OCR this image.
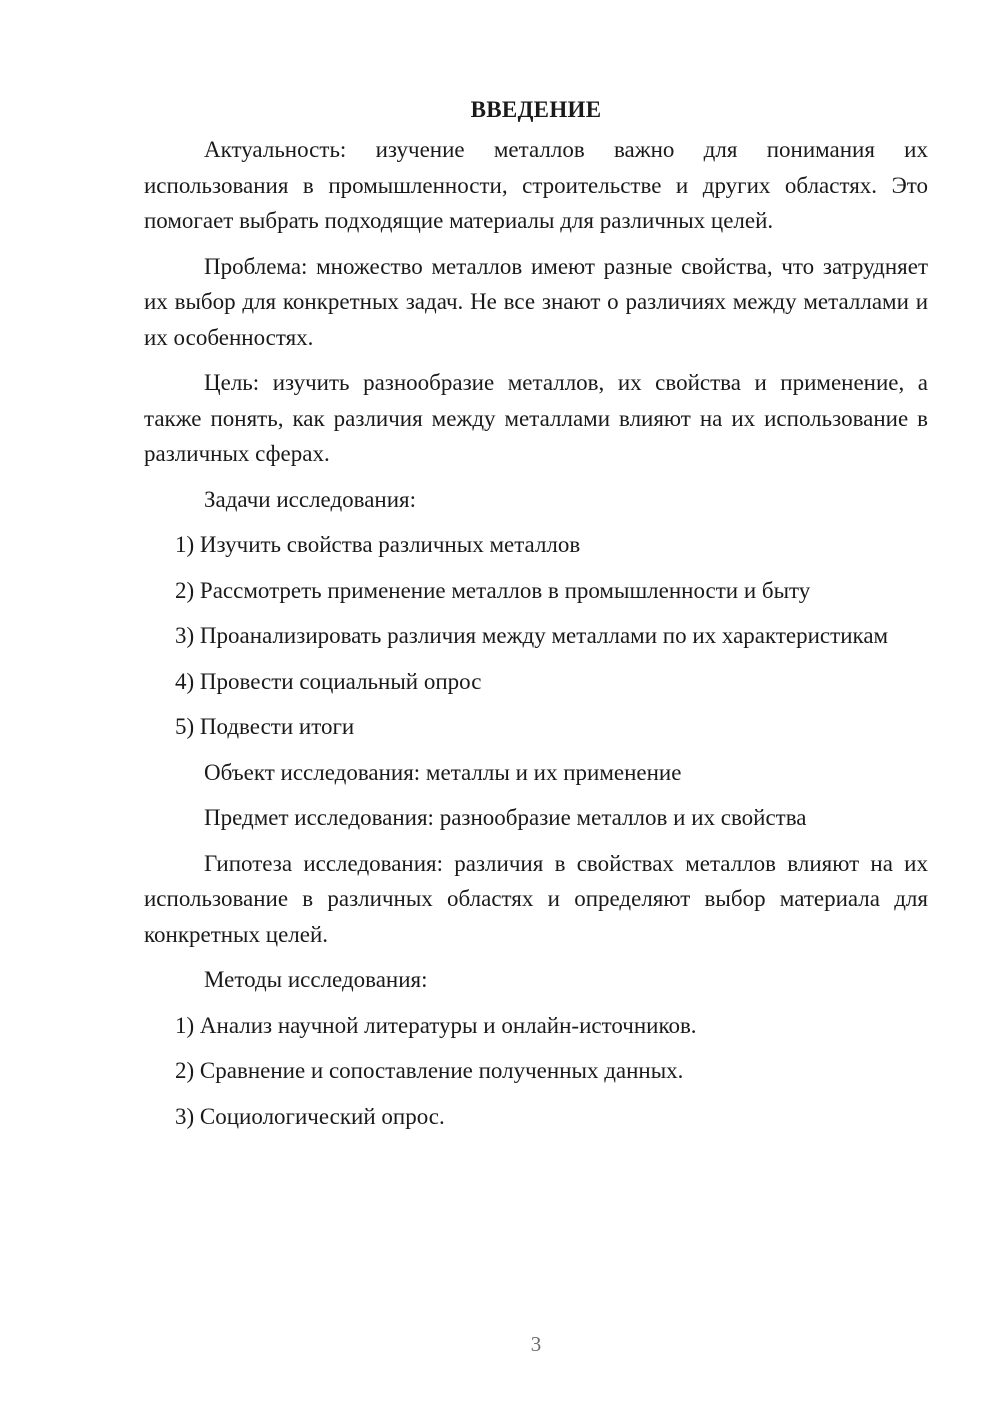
ВВЕДЕНИЕ
Актуальность: изучение металлов важно для понимания их использования в промышленности, строительстве и других областях. Это помогает выбрать подходящие материалы для различных целей.
Проблема: множество металлов имеют разные свойства, что затрудняет их выбор для конкретных задач. Не все знают о различиях между металлами и их особенностях.
Цель: изучить разнообразие металлов, их свойства и применение, а также понять, как различия между металлами влияют на их использование в различных сферах.
Задачи исследования:
1) Изучить свойства различных металлов
2) Рассмотреть применение металлов в промышленности и быту
3) Проанализировать различия между металлами по их характеристикам
4) Провести социальный опрос
5) Подвести итоги
Объект исследования: металлы и их применение
Предмет исследования: разнообразие металлов и их свойства
Гипотеза исследования: различия в свойствах металлов влияют на их использование в различных областях и определяют выбор материала для конкретных целей.
Методы исследования:
1) Анализ научной литературы и онлайн-источников.
2) Сравнение и сопоставление полученных данных.
3) Социологический опрос.
3
